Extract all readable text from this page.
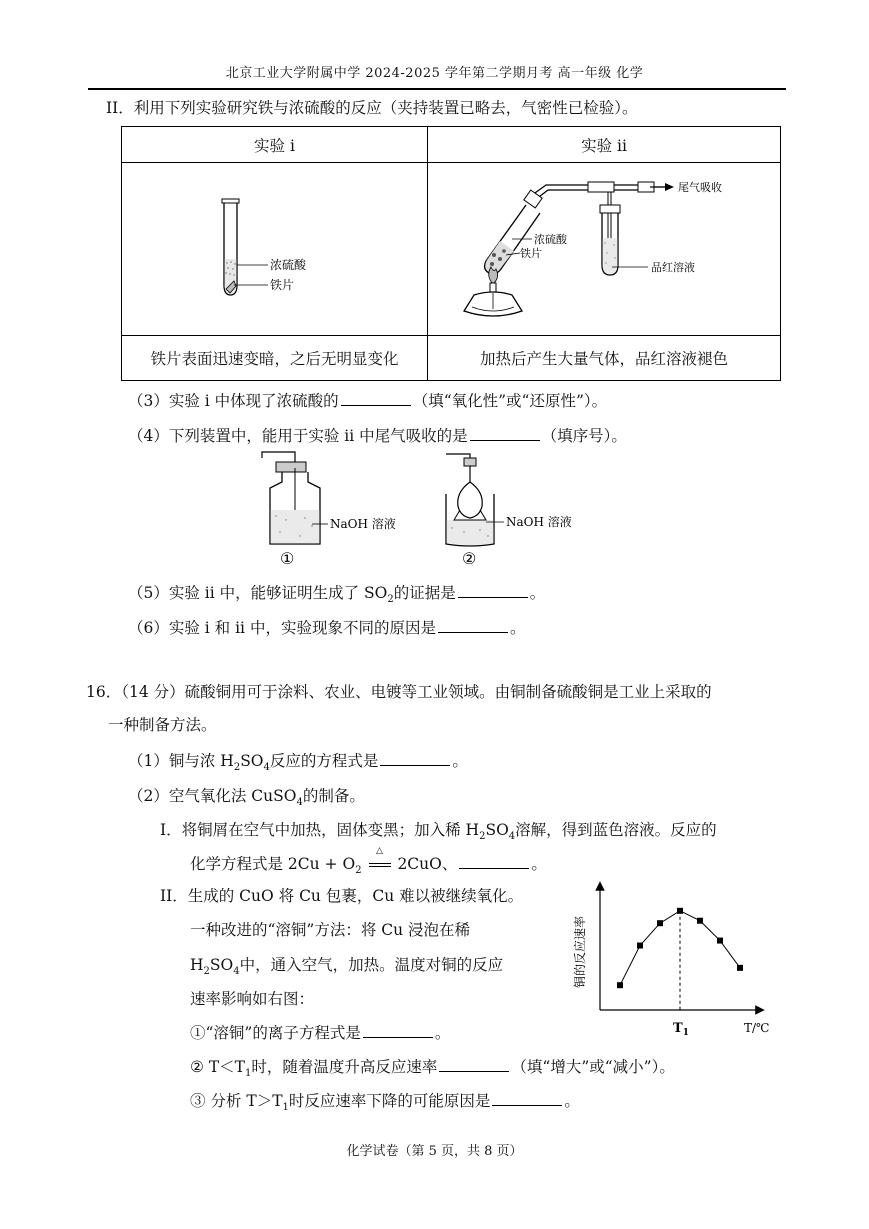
北京工业大学附属中学 2024-2025 学年第二学期月考 高一年级 化学
II．利用下列实验研究铁与浓硫酸的反应（夹持装置已略去，气密性已检验）。
实验 i	实验 ii

浓硫酸
铁片	尾气吸收
品红溶液
浓硫酸
铁片

铁片表面迅速变暗，之后无明显变化	加热后产生大量气体，品红溶液褪色
（3）实验 i 中体现了浓硫酸的	（填“氧化性”或“还原性”）。
（4）下列装置中，能用于实验 ii 中尾气吸收的是	（填序号）。
NaOH 溶液
①
NaOH 溶液
②
（5）实验 ii 中，能够证明生成了 $SO_2$的证据是	。
（6）实验 i 和 ii 中，实验现象不同的原因是	。
16．（14 分）硫酸铜用可于涂料、农业、电镀等工业领域。由铜制备硫酸铜是工业上采取的
一种制备方法。
（1）铜与浓 $H_2SO_4$反应的方程式是	。
（2）空气氧化法 CuSO$_4$的制备。
I．将铜屑在空气中加热，固体变黑；加入稀 $H_2SO_4$溶解，得到蓝色溶液。反应的
化学方程式是 $2Cu + O_2$
△
2CuO、	。
II．生成的 CuO 将 Cu 包裹，Cu 难以被继续氧化。
一种改进的“溶铜”方法：将 Cu 浸泡在稀
$H_2SO_4$中，通入空气，加热。温度对铜的反应
速率影响如右图：
①“溶铜”的离子方程式是	。
② $T<T_1$时，随着温度升高反应速率	（填“增大”或“减小”）。
③ 分析 $T>T_1$时反应速率下降的可能原因是	。
铜的反应速率
T/℃
$T_1$
化学试卷（第 5 页，共 8 页）
